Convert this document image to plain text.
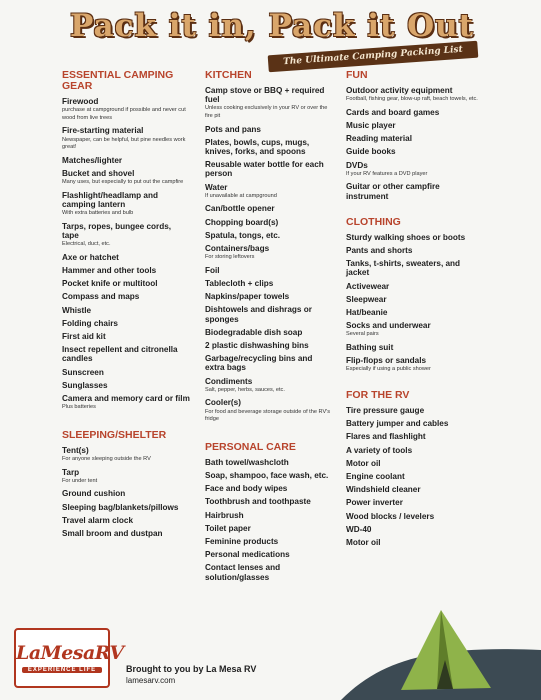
Pack it in, Pack it Out
The Ultimate Camping Packing List
ESSENTIAL CAMPING GEAR
Firewood
purchase at campground if possible and never cut wood from live trees
Fire-starting material
Newspaper, can be helpful, but pine needles work great!
Matches/lighter
Bucket and shovel
Many uses, but especially to put out the campfire
Flashlight/headlamp and camping lantern
With extra batteries and bulb
Tarps, ropes, bungee cords, tape
Electrical, duct, etc.
Axe or hatchet
Hammer and other tools
Pocket knife or multitool
Compass and maps
Whistle
Folding chairs
First aid kit
Insect repellent and citronella candles
Sunscreen
Sunglasses
Camera and memory card or film
Plus batteries
SLEEPING/SHELTER
Tent(s)
For anyone sleeping outside the RV
Tarp
For under tent
Ground cushion
Sleeping bag/blankets/pillows
Travel alarm clock
Small broom and dustpan
KITCHEN
Camp stove or BBQ + required fuel
Unless cooking exclusively in your RV or over the fire pit
Pots and pans
Plates, bowls, cups, mugs, knives, forks, and spoons
Reusable water bottle for each person
Water
If unavailable at campground
Can/bottle opener
Chopping board(s)
Spatula, tongs, etc.
Containers/bags
For storing leftovers
Foil
Tablecloth + clips
Napkins/paper towels
Dishtowels and dishrags or sponges
Biodegradable dish soap
2 plastic dishwashing bins
Garbage/recycling bins and extra bags
Condiments
Salt, pepper, herbs, sauces, etc.
Cooler(s)
For food and beverage storage outside of the RV's fridge
PERSONAL CARE
Bath towel/washcloth
Soap, shampoo, face wash, etc.
Face and body wipes
Toothbrush and toothpaste
Hairbrush
Toilet paper
Feminine products
Personal medications
Contact lenses and solution/glasses
FUN
Outdoor activity equipment
Football, fishing gear, blow-up raft, beach towels, etc.
Cards and board games
Music player
Reading material
Guide books
DVDs
If your RV features a DVD player
Guitar or other campfire instrument
CLOTHING
Sturdy walking shoes or boots
Pants and shorts
Tanks, t-shirts, sweaters, and jacket
Activewear
Sleepwear
Hat/beanie
Socks and underwear
Several pairs
Bathing suit
Flip-flops or sandals
Especially if using a public shower
FOR THE RV
Tire pressure gauge
Battery jumper and cables
Flares and flashlight
A variety of tools
Motor oil
Engine coolant
Windshield cleaner
Power inverter
Wood blocks / levelers
WD-40
Motor oil
LaMesaRV
EXPERIENCE LIFE	Brought to you by La Mesa RV
lamesarv.com
